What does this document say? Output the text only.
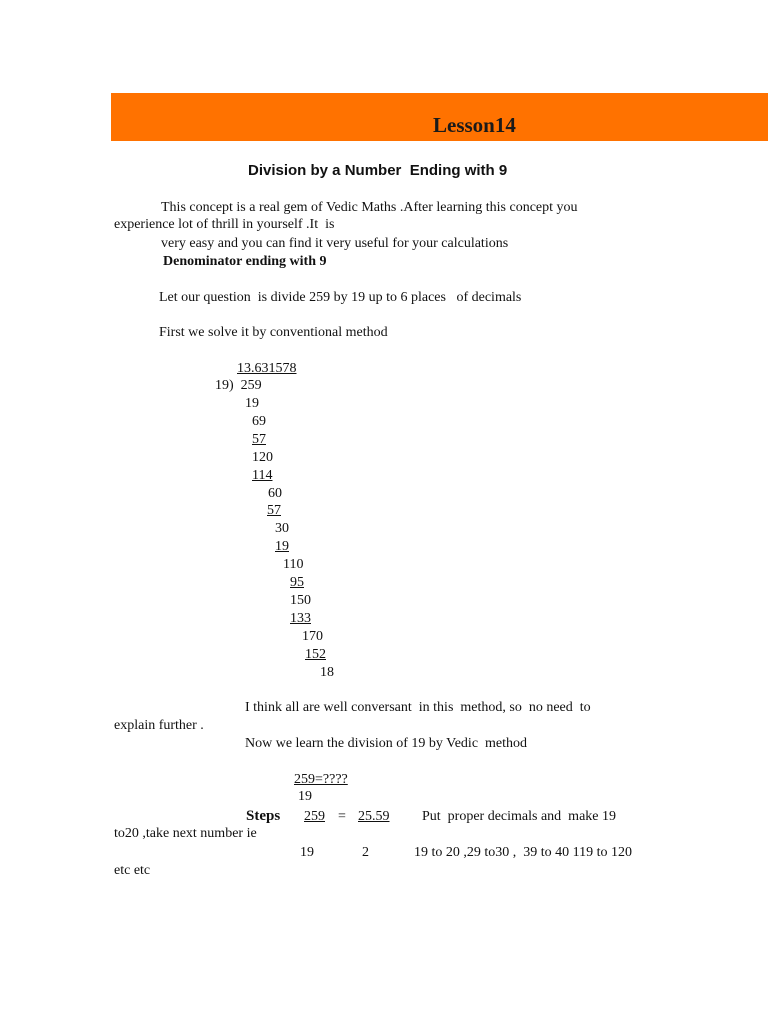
Lesson14
Division by a Number  Ending with 9
This concept is a real gem of Vedic Maths .After learning this concept you
experience lot of thrill in yourself .It  is
very easy and you can find it very useful for your calculations
Denominator ending with 9
Let our question  is divide 259 by 19 up to 6 places   of decimals
First we solve it by conventional method
13.631578
19)  259
19
69
57
120
114
60
57
30
19
110
95
150
133
170
152
18
I think all are well conversant  in this  method, so  no need  to
explain further .
Now we learn the division of 19 by Vedic  method
259=????
19
Steps 259 = 25.59 Put  proper decimals and  make 19
to20 ,take next number ie
19	2	19 to 20 ,29 to30 ,  39 to 40 119 to 120
etc etc
